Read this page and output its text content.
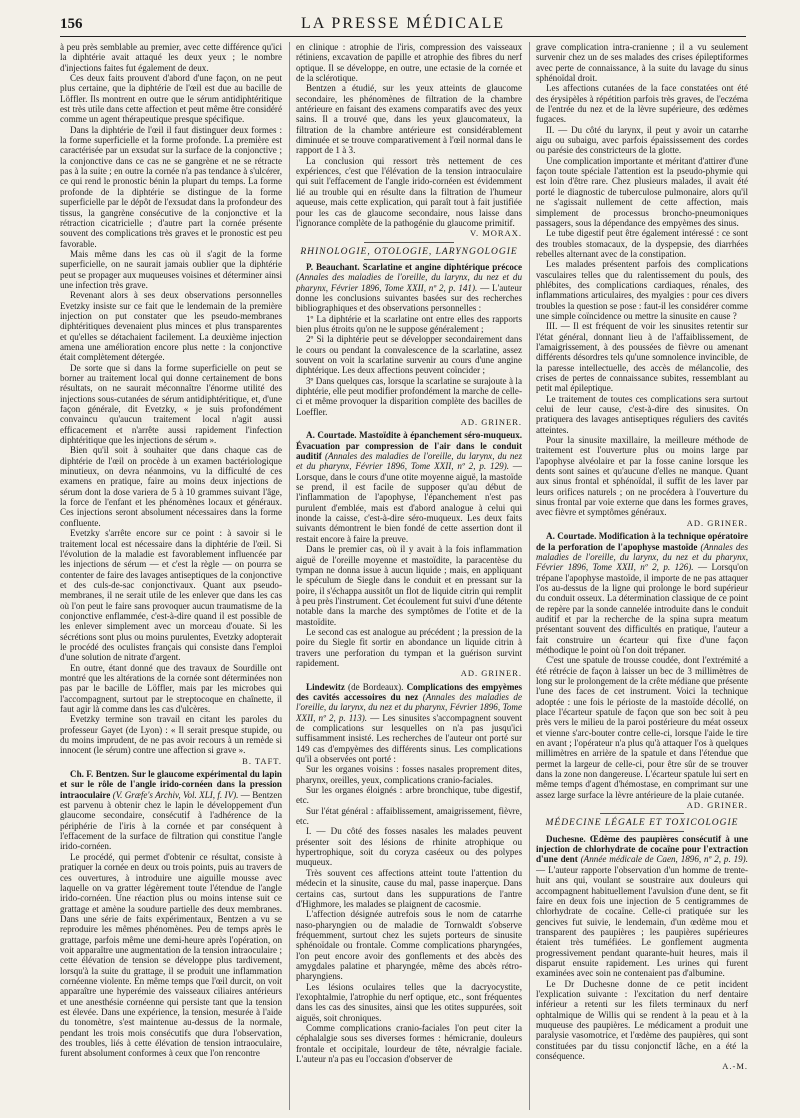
156	LA PRESSE MÉDICALE

à peu près semblable au premier, avec cette différence qu'ici la diphtérie avait attaqué les deux yeux ; le nombre d'injections faites fut également de deux.

Ces deux faits prouvent d'abord d'une façon, on ne peut plus certaine, que la diphtérie de l'œil est due au bacille de Löffler. Ils montrent en outre que le sérum antidiphtéritique est très utile dans cette affection et peut même être considéré comme un agent thérapeutique presque spécifique.

Dans la diphtérie de l'œil il faut distinguer deux formes : la forme superficielle et la forme profonde. La première est caractérisée par un exsudat sur la surface de la conjonctive ; la conjonctive dans ce cas ne se gangrène et ne se rétracte pas à la suite ; en outre la cornée n'a pas tendance à s'ulcérer, ce qui rend le pronostic bénin la plupart du temps. La forme profonde de la diphtérie se distingue de la forme superficielle par le dépôt de l'exsudat dans la profondeur des tissus, la gangrène consécutive de la conjonctive et la rétraction cicatricielle ; d'autre part la cornée présente souvent des complications très graves et le pronostic est peu favorable.

Mais même dans les cas où il s'agit de la forme superficielle, on ne saurait jamais oublier que la diphtérie peut se propager aux muqueuses voisines et déterminer ainsi une infection très grave.

Revenant alors à ses deux observations personnelles Evetzky insiste sur ce fait que le lendemain de la première injection on put constater que les pseudo-membranes diphtéritiques devenaient plus minces et plus transparentes et qu'elles se détachaient facilement. La deuxième injection amena une amélioration encore plus nette : la conjonctive était complètement détergée.

De sorte que si dans la forme superficielle on peut se borner au traitement local qui donne certainement de bons résultats, on ne saurait méconnaître l'énorme utilité des injections sous-cutanées de sérum antidiphtéritique, et, d'une façon générale, dit Evetzky, « je suis profondément convaincu qu'aucun traitement local n'agit aussi efficacement et n'arrête aussi rapidement l'infection diphtéritique que les injections de sérum ».

Bien qu'il soit à souhaiter que dans chaque cas de diphtérie de l'œil on procède à un examen bactériologique minutieux, on devra néanmoins, vu la difficulté de ces examens en pratique, faire au moins deux injections de sérum dont la dose variera de 5 à 10 grammes suivant l'âge, la force de l'enfant et les phénomènes locaux et généraux. Ces injections seront absolument nécessaires dans la forme confluente.

Evetzky s'arrête encore sur ce point : à savoir si le traitement local est nécessaire dans la diphtérie de l'œil. Si l'évolution de la maladie est favorablement influencée par les injections de sérum — et c'est la règle — on pourra se contenter de faire des lavages antiseptiques de la conjonctive et des culs-de-sac conjonctivaux. Quant aux pseudo-membranes, il ne serait utile de les enlever que dans les cas où l'on peut le faire sans provoquer aucun traumatisme de la conjonctive enflammée, c'est-à-dire quand il est possible de les enlever simplement avec un morceau d'ouate. Si les sécrétions sont plus ou moins purulentes, Evetzky adopterait le procédé des oculistes français qui consiste dans l'emploi d'une solution de nitrate d'argent.

En outre, étant donné que des travaux de Sourdille ont montré que les altérations de la cornée sont déterminées non pas par le bacille de Löffler, mais par les microbes qui l'accompagnent, surtout par le streptocoque en chaînette, il faut agir là comme dans les cas d'ulcères.

Evetzky termine son travail en citant les paroles du professeur Gayet (de Lyon) : « Il serait presque stupide, ou du moins imprudent, de ne pas avoir recours à un remède si innocent (le sérum) contre une affection si grave ».

B. TAFT.

Ch. F. Bentzen. Sur le glaucome expérimental du lapin et sur le rôle de l'angle irido-cornéen dans la pression intraoculaire (V. Græfe's Archiv, Vol. XLI, f. IV). — Bentzen est parvenu à obtenir chez le lapin le développement d'un glaucome secondaire, consécutif à l'adhérence de la périphérie de l'iris à la cornée et par conséquent à l'effacement de la surface de filtration qui constitue l'angle irido-cornéen.

Le procédé, qui permet d'obtenir ce résultat, consiste à pratiquer la cornée en deux ou trois points, puis au travers de ces ouvertures, à introduire une aiguille mousse avec laquelle on va gratter légèrement toute l'étendue de l'angle irido-cornéen. Une réaction plus ou moins intense suit ce grattage et amène la soudure partielle des deux membranes. Dans une série de faits expérimentaux, Bentzen a vu se reproduire les mêmes phénomènes. Peu de temps après le grattage, parfois même une demi-heure après l'opération, on voit apparaître une augmentation de la tension intraoculaire ; cette élévation de tension se développe plus tardivement, lorsqu'à la suite du grattage, il se produit une inflammation cornéenne violente. En même temps que l'œil durcit, on voit apparaître une hyperémie des vaisseaux ciliaires antérieurs et une anesthésie cornéenne qui persiste tant que la tension est élevée. Dans une expérience, la tension, mesurée à l'aide du tonomètre, s'est maintenue au-dessus de la normale, pendant les trois mois consécutifs que dura l'observation, des troubles, liés à cette élévation de tension intraoculaire, furent absolument conformes à ceux que l'on rencontre

en clinique : atrophie de l'iris, compression des vaisseaux rétiniens, excavation de papille et atrophie des fibres du nerf optique. Il se développe, en outre, une ectasie de la cornée et de la sclérotique.

Bentzen a étudié, sur les yeux atteints de glaucome secondaire, les phénomènes de filtration de la chambre antérieure en faisant des examens comparatifs avec des yeux sains. Il a trouvé que, dans les yeux glaucomateux, la filtration de la chambre antérieure est considérablement diminuée et se trouve comparativement à l'œil normal dans le rapport de 1 à 3.

La conclusion qui ressort très nettement de ces expériences, c'est que l'élévation de la tension intraoculaire qui suit l'effacement de l'angle irido-cornéen est évidemment lié au trouble qui en résulte dans la filtration de l'humeur aqueuse, mais cette explication, qui paraît tout à fait justifiée pour les cas de glaucome secondaire, nous laisse dans l'ignorance complète de la pathogénie du glaucome primitif.

V. MORAX.

RHINOLOGIE, OTOLOGIE, LARYNGOLOGIE

P. Beauchant. Scarlatine et angine diphtérique précoce (Annales des maladies de l'oreille, du larynx, du nez et du pharynx, Février 1896, Tome XXII, nº 2, p. 141). — L'auteur donne les conclusions suivantes basées sur des recherches bibliographiques et des observations personnelles :

1º La diphtérie et la scarlatine ont entre elles des rapports bien plus étroits qu'on ne le suppose généralement ;

2º Si la diphtérie peut se développer secondairement dans le cours ou pendant la convalescence de la scarlatine, assez souvent on voit la scarlatine survenir au cours d'une angine diphtérique. Les deux affections peuvent coïncider ;

3º Dans quelques cas, lorsque la scarlatine se surajoute à la diphtérie, elle peut modifier profondément la marche de celle-ci et même provoquer la disparition complète des bacilles de Loeffler.

AD. GRINER.

A. Courtade. Mastoïdite à épanchement séro-muqueux. Évacuation par compression de l'air dans le conduit auditif (Annales des maladies de l'oreille, du larynx, du nez et du pharynx, Février 1896, Tome XXII, nº 2, p. 129). — Lorsque, dans le cours d'une otite moyenne aiguë, la mastoïde se prend, il est facile de supposer qu'au début de l'inflammation de l'apophyse, l'épanchement n'est pas purulent d'emblée, mais est d'abord analogue à celui qui inonde la caisse, c'est-à-dire séro-muqueux. Les deux faits suivants démontrent le bien fondé de cette assertion dont il restait encore à faire la preuve.

Dans le premier cas, où il y avait à la fois inflammation aiguë de l'oreille moyenne et mastoïdite, la paracentèse du tympan ne donna issue à aucun liquide ; mais, en appliquant le spéculum de Siegle dans le conduit et en pressant sur la poire, il s'échappa aussitôt un flot de liquide citrin qui remplit à peu près l'instrument. Cet écoulement fut suivi d'une détente notable dans la marche des symptômes de l'otite et de la mastoïdite.

Le second cas est analogue au précédent ; la pression de la poire du Siegle fit sortir en abondance un liquide citrin à travers une perforation du tympan et la guérison survint rapidement.

AD. GRINER.

Lindewitz (de Bordeaux). Complications des empyèmes des cavités accessoires du nez (Annales des maladies de l'oreille, du larynx, du nez et du pharynx, Février 1896, Tome XXII, nº 2, p. 113). — Les sinusites s'accompagnent souvent de complications sur lesquelles on n'a pas jusqu'ici suffisamment insisté. Les recherches de l'auteur ont porté sur 149 cas d'empyèmes des différents sinus. Les complications qu'il a observées ont porté :

Sur les organes voisins : fosses nasales proprement dites, pharynx, oreilles, yeux, complications cranio-faciales.

Sur les organes éloignés : arbre bronchique, tube digestif, etc.

Sur l'état général : affaiblissement, amaigrissement, fièvre, etc.

I. — Du côté des fosses nasales les malades peuvent présenter soit des lésions de rhinite atrophique ou hypertrophique, soit du coryza caséeux ou des polypes muqueux.

Très souvent ces affections atteint toute l'attention du médecin et la sinusite, cause du mal, passe inaperçue. Dans certains cas, surtout dans les suppurations de l'antre d'Highmore, les malades se plaignent de cacosmie.

L'affection désignée autrefois sous le nom de catarrhe naso-pharyngien ou de maladie de Tornwaldt s'observe fréquemment, surtout chez les sujets porteurs de sinusite sphénoïdale ou frontale. Comme complications pharyngées, l'on peut encore avoir des gonflements et des abcès des amygdales palatine et pharyngée, même des abcès rétro-pharyngiens.

Les lésions oculaires telles que la dacryocystite, l'exophtalmie, l'atrophie du nerf optique, etc., sont fréquentes dans les cas des sinusites, ainsi que les otites suppurées, soit aiguës, soit chroniques.

Comme complications cranio-faciales l'on peut citer la céphalalgie sous ses diverses formes : hémicranie, douleurs frontale et occipitale, lourdeur de tête, névralgie faciale. L'auteur n'a pas eu l'occasion d'observer de

grave complication intra-cranienne ; il a vu seulement survenir chez un de ses malades des crises épileptiformes avec perte de connaissance, à la suite du lavage du sinus sphénoïdal droit.

Les affections cutanées de la face constatées ont été des érysipèles à répétition parfois très graves, de l'eczéma de l'entrée du nez et de la lèvre supérieure, des œdèmes fugaces.

II. — Du côté du larynx, il peut y avoir un catarrhe aigu ou subaigu, avec parfois épaississement des cordes ou parésie des constricteurs de la glotte.

Une complication importante et méritant d'attirer d'une façon toute spéciale l'attention est la pseudo-phymie qui est loin d'être rare. Chez plusieurs malades, il avait été porté le diagnostic de tuberculose pulmonaire, alors qu'il ne s'agissait nullement de cette affection, mais simplement de processus broncho-pneumoniques passagers, sous la dépendance des empyèmes des sinus.

Le tube digestif peut être également intéressé : ce sont des troubles stomacaux, de la dyspepsie, des diarrhées rebelles alternant avec de la constipation.

Les malades présentent parfois des complications vasculaires telles que du ralentissement du pouls, des phlébites, des complications cardiaques, rénales, des inflammations articulaires, des myalgies : pour ces divers troubles la question se pose : faut-il les considérer comme une simple coïncidence ou mettre la sinusite en cause ?

III. — Il est fréquent de voir les sinusites retentir sur l'état général, donnant lieu à de l'affaiblissement, de l'amaigrissement, à des poussées de fièvre ou amenant différents désordres tels qu'une somnolence invincible, de la paresse intellectuelle, des accès de mélancolie, des crises de pertes de connaissance subites, ressemblant au petit mal épileptique.

Le traitement de toutes ces complications sera surtout celui de leur cause, c'est-à-dire des sinusites. On pratiquera des lavages antiseptiques réguliers des cavités atteintes.

Pour la sinusite maxillaire, la meilleure méthode de traitement est l'ouverture plus ou moins large par l'apophyse alvéolaire et par la fosse canine lorsque les dents sont saines et qu'aucune d'elles ne manque. Quant aux sinus frontal et sphénoïdal, il suffit de les laver par leurs orifices naturels ; on ne procédera à l'ouverture du sinus frontal par voie externe que dans les formes graves, avec fièvre et symptômes généraux.

AD. GRINER.

A. Courtade. Modification à la technique opératoire de la perforation de l'apophyse mastoïde (Annales des maladies de l'oreille, du larynx, du nez et du pharynx, Février 1896, Tome XXII, nº 2, p. 126). — Lorsqu'on trépane l'apophyse mastoïde, il importe de ne pas attaquer l'os au-dessus de la ligne qui prolonge le bord supérieur du conduit osseux. La détermination classique de ce point de repère par la sonde cannelée introduite dans le conduit auditif et par la recherche de la spina supra meatum présentant souvent des difficultés en pratique, l'auteur a fait construire un écarteur qui fixe d'une façon méthodique le point où l'on doit trépaner.

C'est une spatule de trousse coudée, dont l'extrémité a été rétrécie de façon à laisser un bec de 3 millimètres de long sur le prolongement de la crête médiane que présente l'une des faces de cet instrument. Voici la technique adoptée : une fois le périoste de la mastoïde décollé, on place l'écarteur spatule de façon que son bec soit à peu près vers le milieu de la paroi postérieure du méat osseux et vienne s'arc-bouter contre celle-ci, lorsque l'aide le tire en avant ; l'opérateur n'a plus qu'à attaquer l'os à quelques millimètres en arrière de la spatule et dans l'étendue que permet la largeur de celle-ci, pour être sûr de se trouver dans la zone non dangereuse. L'écarteur spatule lui sert en même temps d'agent d'hémostase, en comprimant sur une assez large surface la lèvre antérieure de la plaie cutanée.

AD. GRINER.

MÉDECINE LÉGALE ET TOXICOLOGIE

Duchesne. Œdème des paupières consécutif à une injection de chlorhydrate de cocaïne pour l'extraction d'une dent (Année médicale de Caen, 1896, nº 2, p. 19). — L'auteur rapporte l'observation d'un homme de trente-huit ans qui, voulant se soustraire aux douleurs qui accompagnent habituellement l'avulsion d'une dent, se fit faire en deux fois une injection de 5 centigrammes de chlorhydrate de cocaïne. Celle-ci pratiquée sur les gencives fut suivie, le lendemain, d'un œdème mou et transparent des paupières ; les paupières supérieures étaient très tuméfiées. Le gonflement augmenta progressivement pendant quarante-huit heures, mais il disparut ensuite rapidement. Les urines qui furent examinées avec soin ne contenaient pas d'albumine.

Le Dr Duchesne donne de ce petit incident l'explication suivante : l'excitation du nerf dentaire inférieur a retenti sur les filets terminaux du nerf ophtalmique de Willis qui se rendent à la peau et à la muqueuse des paupières. Le médicament a produit une paralysie vasomotrice, et l'œdème des paupières, qui sont constituées par du tissu conjonctif lâche, en a été la conséquence.

A.-M.
